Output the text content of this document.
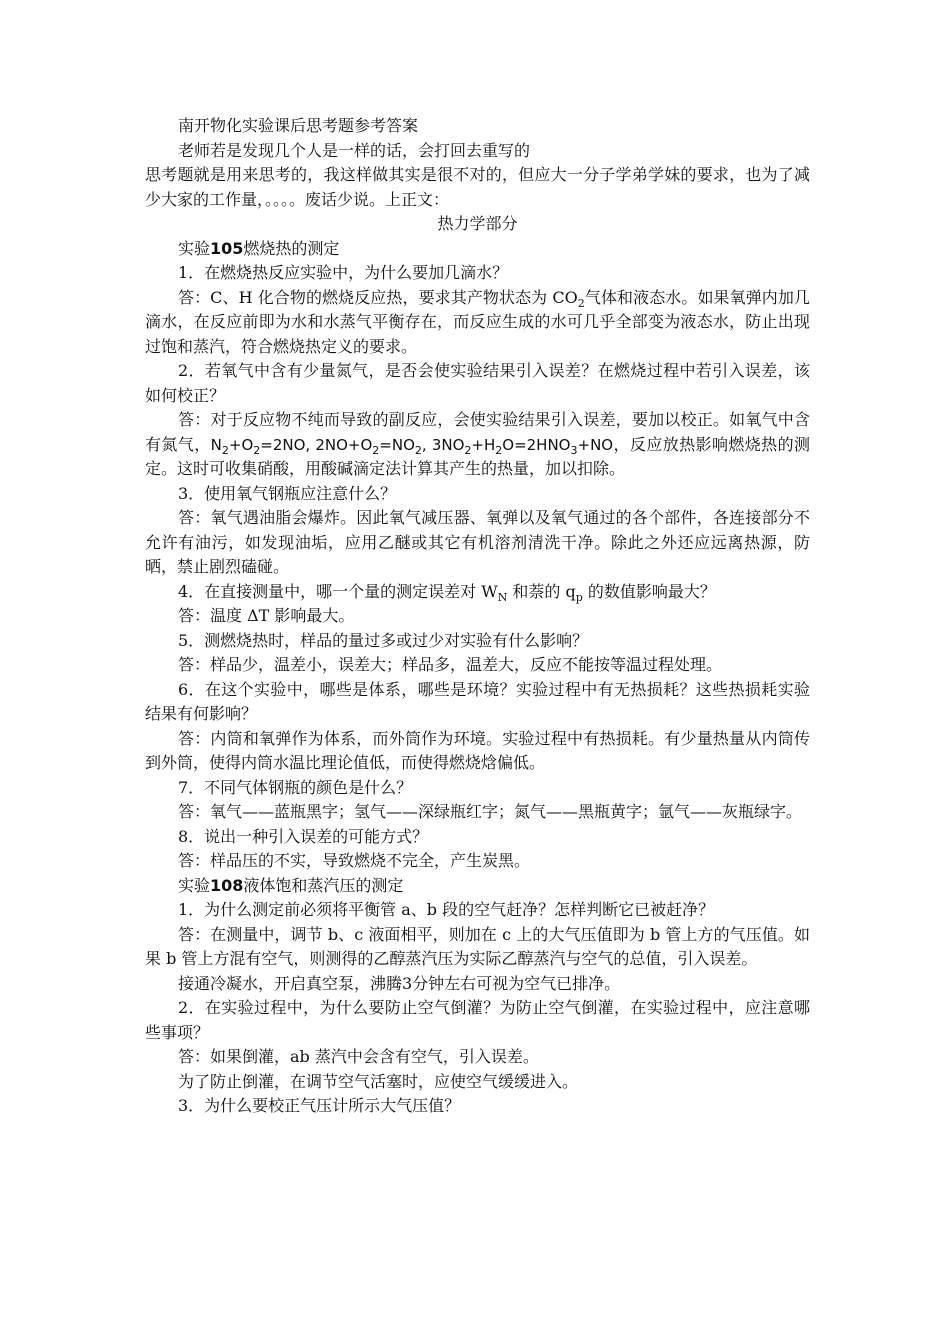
南开物化实验课后思考题参考答案

老师若是发现几个人是一样的话，会打回去重写的

思考题就是用来思考的，我这样做其实是很不对的，但应大一分子学弟学妹的要求，也为了减少大家的工作量，。。。。废话少说。上正文：

热力学部分

实验105燃烧热的测定

1．在燃烧热反应实验中，为什么要加几滴水？

答：C、H 化合物的燃烧反应热，要求其产物状态为 $CO_2$气体和液态水。如果氧弹内加几滴水，在反应前即为水和水蒸气平衡存在，而反应生成的水可几乎全部变为液态水，防止出现过饱和蒸汽，符合燃烧热定义的要求。

2．若氧气中含有少量氮气，是否会使实验结果引入误差？在燃烧过程中若引入误差，该如何校正？

答：对于反应物不纯而导致的副反应，会使实验结果引入误差，要加以校正。如氧气中含有氮气，$N_2+O_2=2NO$, $2NO+O_2=NO_2$, $3NO_2+H_2O=2HNO_3+NO$，反应放热影响燃烧热的测定。这时可收集硝酸，用酸碱滴定法计算其产生的热量，加以扣除。

3．使用氧气钢瓶应注意什么？

答：氧气遇油脂会爆炸。因此氧气减压器、氧弹以及氧气通过的各个部件，各连接部分不允许有油污，如发现油垢，应用乙醚或其它有机溶剂清洗干净。除此之外还应远离热源，防晒，禁止剧烈磕碰。

4．在直接测量中，哪一个量的测定误差对 $W_N$ 和萘的 $q_p$ 的数值影响最大？

答：温度 ΔT 影响最大。

5．测燃烧热时，样品的量过多或过少对实验有什么影响？

答：样品少，温差小，误差大；样品多，温差大，反应不能按等温过程处理。

6．在这个实验中，哪些是体系，哪些是环境？实验过程中有无热损耗？这些热损耗实验结果有何影响？

答：内筒和氧弹作为体系，而外筒作为环境。实验过程中有热损耗。有少量热量从内筒传到外筒，使得内筒水温比理论值低，而使得燃烧焓偏低。

7．不同气体钢瓶的颜色是什么？

答：氧气——蓝瓶黑字；氢气——深绿瓶红字；氮气——黑瓶黄字；氩气——灰瓶绿字。

8．说出一种引入误差的可能方式？

答：样品压的不实，导致燃烧不完全，产生炭黑。

实验108液体饱和蒸汽压的测定

1．为什么测定前必须将平衡管 a、b 段的空气赶净？怎样判断它已被赶净？

答：在测量中，调节 b、c 液面相平，则加在 c 上的大气压值即为 b 管上方的气压值。如果 b 管上方混有空气，则测得的乙醇蒸汽压为实际乙醇蒸汽与空气的总值，引入误差。

接通冷凝水，开启真空泵，沸腾3分钟左右可视为空气已排净。

2．在实验过程中，为什么要防止空气倒灌？为防止空气倒灌，在实验过程中，应注意哪些事项？

答：如果倒灌，ab 蒸汽中会含有空气，引入误差。

为了防止倒灌，在调节空气活塞时，应使空气缓缓进入。

3．为什么要校正气压计所示大气压值？
